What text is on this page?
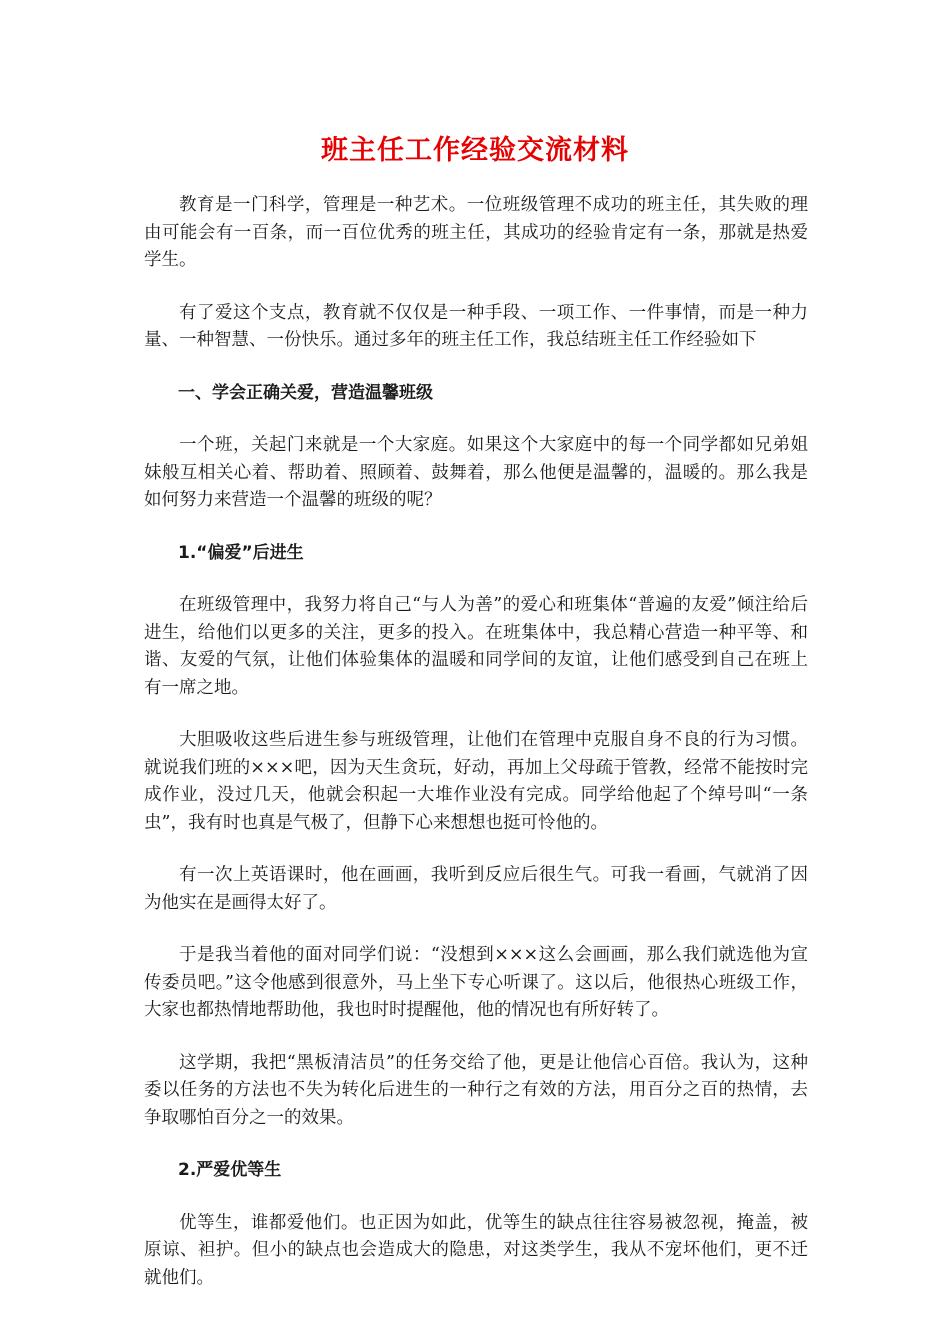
班主任工作经验交流材料

教育是一门科学，管理是一种艺术。一位班级管理不成功的班主任，其失败的理由可能会有一百条，而一百位优秀的班主任，其成功的经验肯定有一条，那就是热爱学生。

有了爱这个支点，教育就不仅仅是一种手段、一项工作、一件事情，而是一种力量、一种智慧、一份快乐。通过多年的班主任工作，我总结班主任工作经验如下

一、学会正确关爱，营造温馨班级

一个班，关起门来就是一个大家庭。如果这个大家庭中的每一个同学都如兄弟姐妹般互相关心着、帮助着、照顾着、鼓舞着，那么他便是温馨的，温暖的。那么我是如何努力来营造一个温馨的班级的呢？

1.“偏爱”后进生

在班级管理中，我努力将自己“与人为善”的爱心和班集体“普遍的友爱”倾注给后进生，给他们以更多的关注，更多的投入。在班集体中，我总精心营造一种平等、和谐、友爱的气氛，让他们体验集体的温暖和同学间的友谊，让他们感受到自己在班上有一席之地。

大胆吸收这些后进生参与班级管理，让他们在管理中克服自身不良的行为习惯。就说我们班的×××吧，因为天生贪玩，好动，再加上父母疏于管教，经常不能按时完成作业，没过几天，他就会积起一大堆作业没有完成。同学给他起了个绰号叫“一条虫”，我有时也真是气极了，但静下心来想想也挺可怜他的。

有一次上英语课时，他在画画，我听到反应后很生气。可我一看画，气就消了因为他实在是画得太好了。

于是我当着他的面对同学们说：“没想到×××这么会画画，那么我们就选他为宣传委员吧。”这令他感到很意外，马上坐下专心听课了。这以后，他很热心班级工作，大家也都热情地帮助他，我也时时提醒他，他的情况也有所好转了。

这学期，我把“黑板清洁员”的任务交给了他，更是让他信心百倍。我认为，这种委以任务的方法也不失为转化后进生的一种行之有效的方法，用百分之百的热情，去争取哪怕百分之一的效果。

2.严爱优等生

优等生，谁都爱他们。也正因为如此，优等生的缺点往往容易被忽视，掩盖，被原谅、袒护。但小的缺点也会造成大的隐患，对这类学生，我从不宠坏他们，更不迁就他们。
